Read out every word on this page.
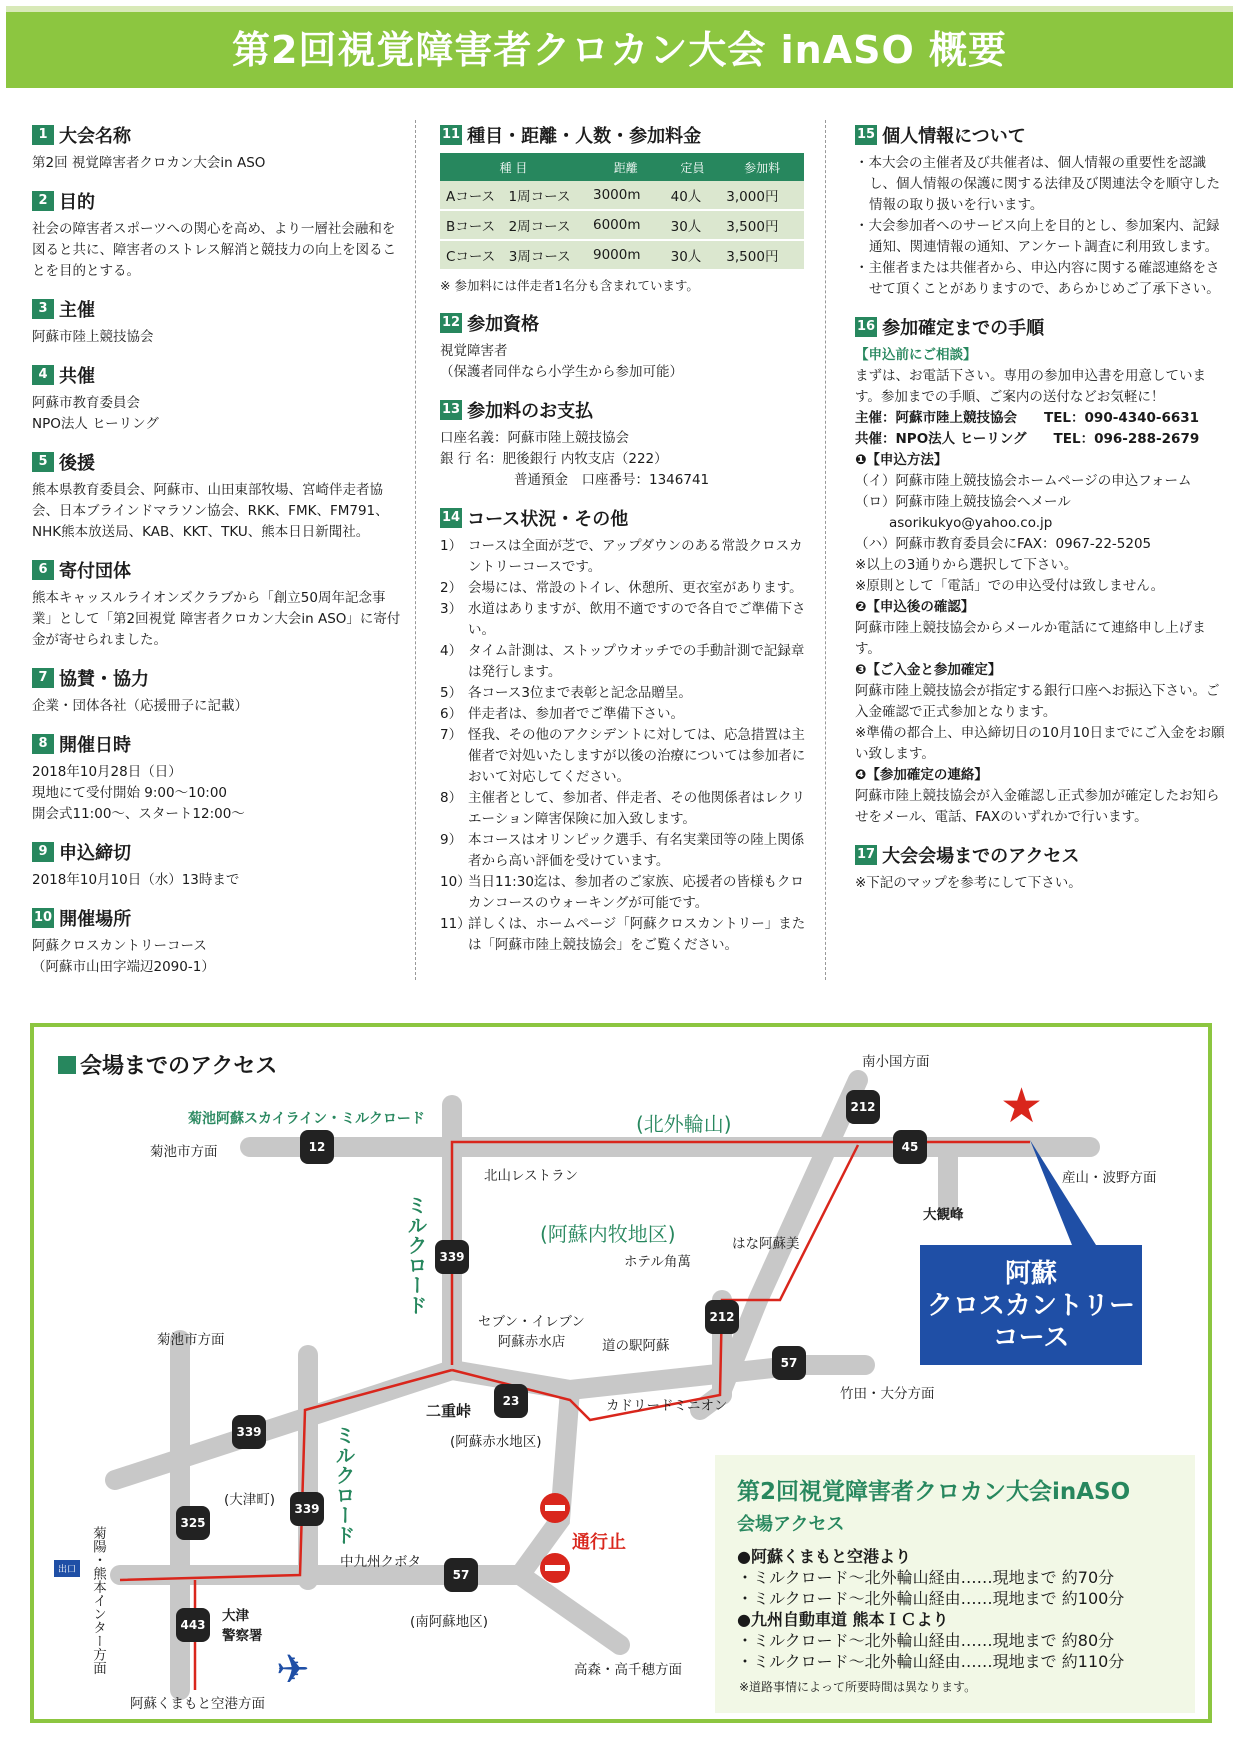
第2回視覚障害者クロカン大会 inASO 概要
1 大会名称
第2回 視覚障害者クロカン大会in ASO
2 目的
社会の障害者スポーツへの関心を高め、より一層社会融和を図ると共に、障害者のストレス解消と競技力の向上を図ることを目的とする。
3 主催
阿蘇市陸上競技協会
4 共催
阿蘇市教育委員会
NPO法人 ヒーリング
5 後援
熊本県教育委員会、阿蘇市、山田東部牧場、宮崎伴走者協会、日本ブラインドマラソン協会、RKK、FMK、FM791、NHK熊本放送局、KAB、KKT、TKU、熊本日日新聞社。
6 寄付団体
熊本キャッスルライオンズクラブから「創立50周年記念事業」として「第2回視覚 障害者クロカン大会in ASO」に寄付金が寄せられました。
7 協賛・協力
企業・団体各社（応援冊子に記載）
8 開催日時
2018年10月28日（日）
現地にて受付開始 9:00〜10:00
開会式11:00〜、スタート12:00〜
9 申込締切
2018年10月10日（水）13時まで
10 開催場所
阿蘇クロスカントリーコース
（阿蘇市山田字端辺2090-1）
11 種目・距離・人数・参加料金
種 目	距離	定員	参加料
Aコース　1周コース	3000m	40人	3,000円
Bコース　2周コース	6000m	30人	3,500円
Cコース　3周コース	9000m	30人	3,500円
※ 参加料には伴走者1名分も含まれています。
12 参加資格
視覚障害者
（保護者同伴なら小学生から参加可能）
13 参加料のお支払
口座名義：阿蘇市陸上競技協会
銀 行 名：肥後銀行 内牧支店（222）
普通預金　口座番号：1346741
14 コース状況・その他
1） コースは全面が芝で、アップダウンのある常設クロスカントリーコースです。
2） 会場には、常設のトイレ、休憩所、更衣室があります。
3） 水道はありますが、飲用不適ですので各自でご準備下さい。
4） タイム計測は、ストップウオッチでの手動計測で記録章は発行します。
5） 各コース3位まで表彰と記念品贈呈。
6） 伴走者は、参加者でご準備下さい。
7） 怪我、その他のアクシデントに対しては、応急措置は主催者で対処いたしますが以後の治療については参加者において対応してください。
8） 主催者として、参加者、伴走者、その他関係者はレクリエーション障害保険に加入致します。
9） 本コースはオリンピック選手、有名実業団等の陸上関係者から高い評価を受けています。
10）
当日11:30迄は、参加者のご家族、応援者の皆様もクロカンコースのウォーキングが可能です。
11）
詳しくは、ホームページ「阿蘇クロスカントリー」または「阿蘇市陸上競技協会」をご覧ください。
15 個人情報について
・本大会の主催者及び共催者は、個人情報の重要性を認識し、個人情報の保護に関する法律及び関連法令を順守した情報の取り扱いを行います。
・大会参加者へのサービス向上を目的とし、参加案内、記録通知、関連情報の通知、アンケート調査に利用致します。
・主催者または共催者から、申込内容に関する確認連絡をさせて頂くことがありますので、あらかじめご了承下さい。
16 参加確定までの手順
【申込前にご相談】
まずは、お電話下さい。専用の参加申込書を用意しています。参加までの手順、ご案内の送付などお気軽に！
主催：阿蘇市陸上競技協会　　TEL：090-4340-6631
共催：NPO法人 ヒーリング　　TEL：096-288-2679
❶【申込方法】
（イ）阿蘇市陸上競技協会ホームページの申込フォーム
（ロ）阿蘇市陸上競技協会へメール
asorikukyo@yahoo.co.jp
（ハ）阿蘇市教育委員会にFAX：0967-22-5205
※以上の3通りから選択して下さい。
※原則として「電話」での申込受付は致しません。
❷【申込後の確認】
阿蘇市陸上競技協会からメールか電話にて連絡申し上げます。
❸【ご入金と参加確定】
阿蘇市陸上競技協会が指定する銀行口座へお振込下さい。ご入金確認で正式参加となります。
※準備の都合上、申込締切日の10月10日までにご入金をお願い致します。
❹【参加確定の連絡】
阿蘇市陸上競技協会が入金確認し正式参加が確定したお知らせをメール、電話、FAXのいずれかで行います。
17 大会会場までのアクセス
※下記のマップを参考にして下さい。
会場までのアクセス
★
阿蘇
クロスカントリー
コース
菊池阿蘇スカイライン・ミルクロード	(北外輪山)
(阿蘇内牧地区)
ミルクロード
ミルクロード
南小国方面
菊池市方面
菊池市方面
産山・波野方面
大観峰
北山レストラン
ホテル角萬
はな阿蘇美
セブン・イレブン
阿蘇赤水店	道の駅阿蘇
カドリードミニオン
竹田・大分方面
二重峠
(阿蘇赤水地区)
(大津町)
中九州クボタ
大津
警察署
(南阿蘇地区)
高森・高千穂方面
阿蘇くまもと空港方面
菊陽・熊本インター方面
出口
通行止
✈
212
45
12
339
212
57
23
339
339
325
57
443
第2回視覚障害者クロカン大会inASO
会場アクセス
●阿蘇くまもと空港より
・ミルクロード〜北外輪山経由……現地まで 約70分
・ミルクロード〜北外輪山経由……現地まで 約100分
●九州自動車道 熊本ＩＣより
・ミルクロード〜北外輪山経由……現地まで 約80分
・ミルクロード〜北外輪山経由……現地まで 約110分
※道路事情によって所要時間は異なります。
